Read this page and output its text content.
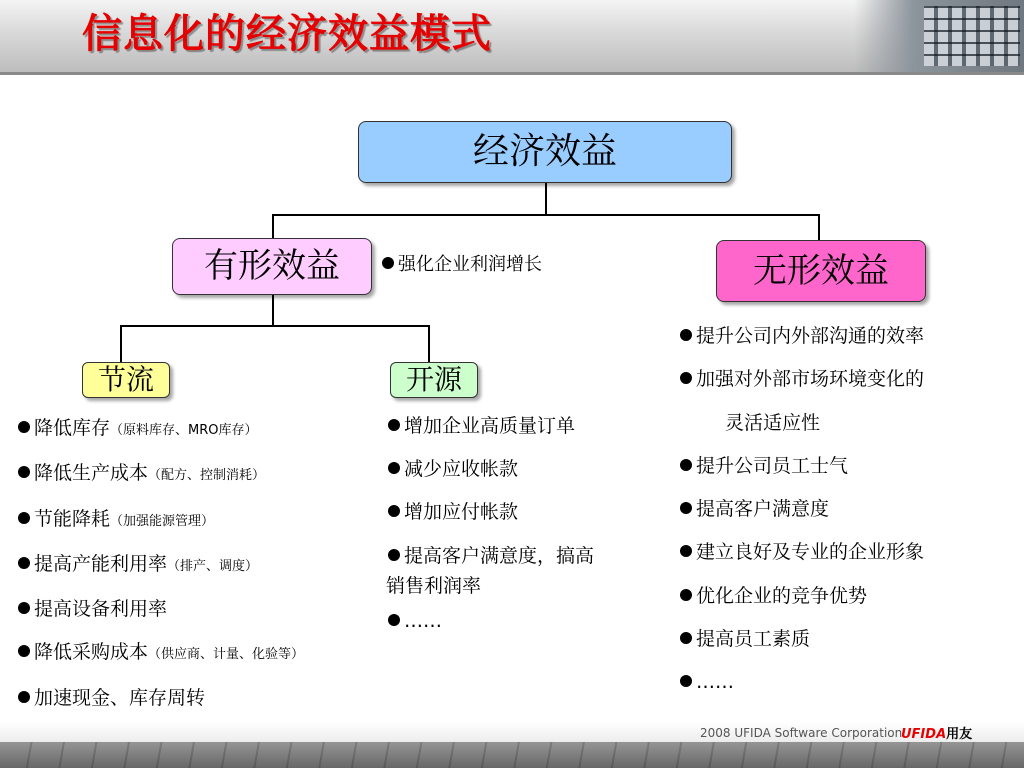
信息化的经济效益模式
经济效益
有形效益	无形效益
节流	开源
强化企业利润增长
降低库存（原料库存、MRO库存）
降低生产成本（配方、控制消耗）
节能降耗（加强能源管理）
提高产能利用率（排产、调度）
提高设备利用率
降低采购成本（供应商、计量、化验等）
加速现金、库存周转
增加企业高质量订单
减少应收帐款
增加应付帐款
提高客户满意度，搞高
销售利润率
……
提升公司内外部沟通的效率
加强对外部市场环境变化的
灵活适应性
提升公司员工士气
提高客户满意度
建立良好及专业的企业形象
优化企业的竞争优势
提高员工素质
……
2008 UFIDA Software Corporation
UFIDA用友
